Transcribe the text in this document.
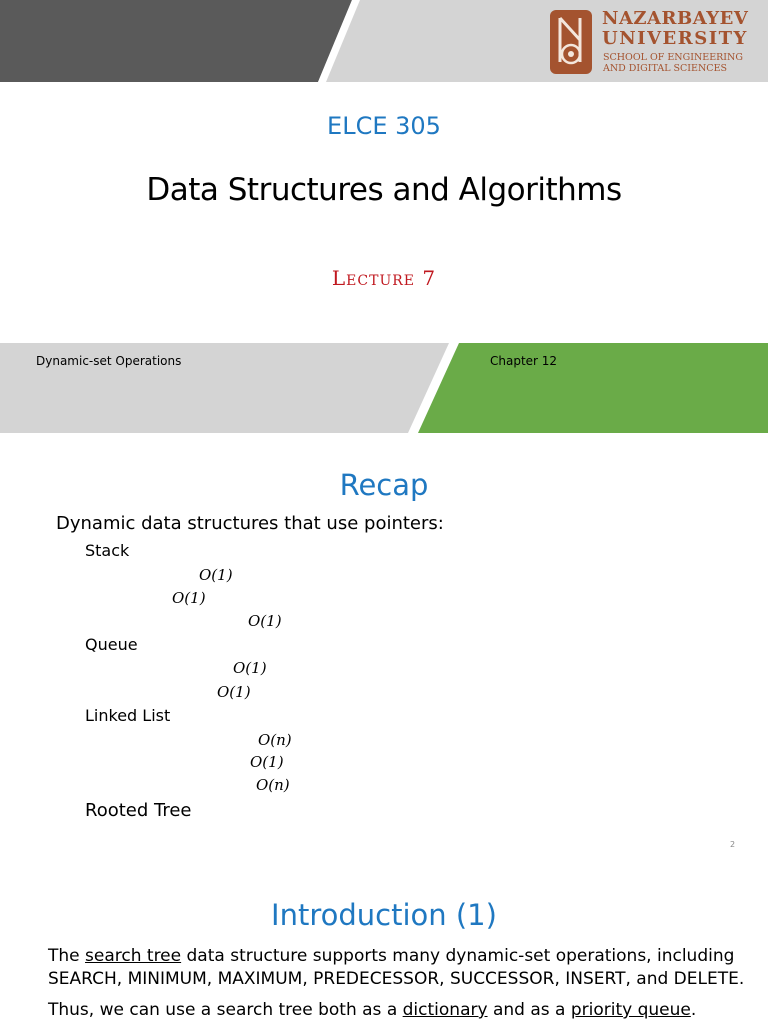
NAZARBAYEV
UNIVERSITY
SCHOOL OF ENGINEERING
AND DIGITAL SCIENCES
ELCE 305
Data Structures and Algorithms
Lecture 7
Dynamic-set Operations	Chapter 12
Recap
Dynamic data structures that use pointers:
Stack
O(1)
O(1)
O(1)
Queue
O(1)
O(1)
Linked List
O(n)
O(1)
O(n)
Rooted Tree
2
Introduction (1)
The search tree data structure supports many dynamic-set operations, including
SEARCH, MINIMUM, MAXIMUM, PREDECESSOR, SUCCESSOR, INSERT, and DELETE.
Thus, we can use a search tree both as a dictionary and as a priority queue.
